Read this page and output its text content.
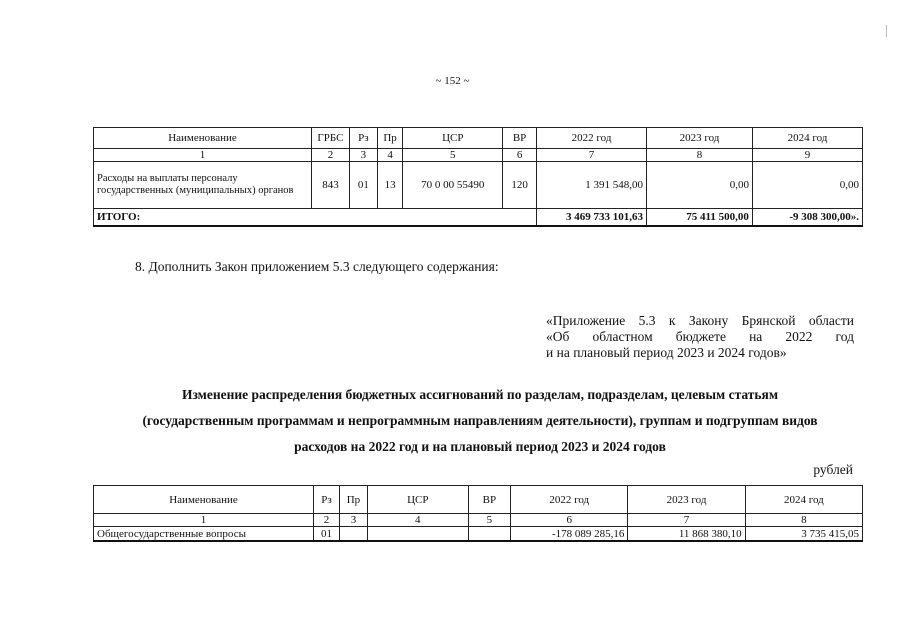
~ 152 ~
Наименование	ГРБС	Рз	Пр	ЦСР	ВР	2022 год	2023 год	2024 год
1	2	3	4	5	6	7	8	9
Расходы на выплаты персоналу государственных (муниципальных) органов	843	01	13	70 0 00 55490	120	1 391 548,00	0,00	0,00
ИТОГО:						3 469 733 101,63	75 411 500,00	-9 308 300,00».
8. Дополнить Закон приложением 5.3 следующего содержания:
«Приложение 5.3 к Закону Брянской области
«Об областном бюджете на 2022 год
и на плановый период 2023 и 2024 годов»
Изменение распределения бюджетных ассигнований по разделам, подразделам, целевым статьям
(государственным программам и непрограммным направлениям деятельности), группам и подгруппам видов
расходов на 2022 год и на плановый период 2023 и 2024 годов
рублей
Наименование	Рз	Пр	ЦСР	ВР	2022 год	2023 год	2024 год
1	2	3	4	5	6	7	8
Общегосударственные вопросы	01				-178 089 285,16	11 868 380,10	3 735 415,05
